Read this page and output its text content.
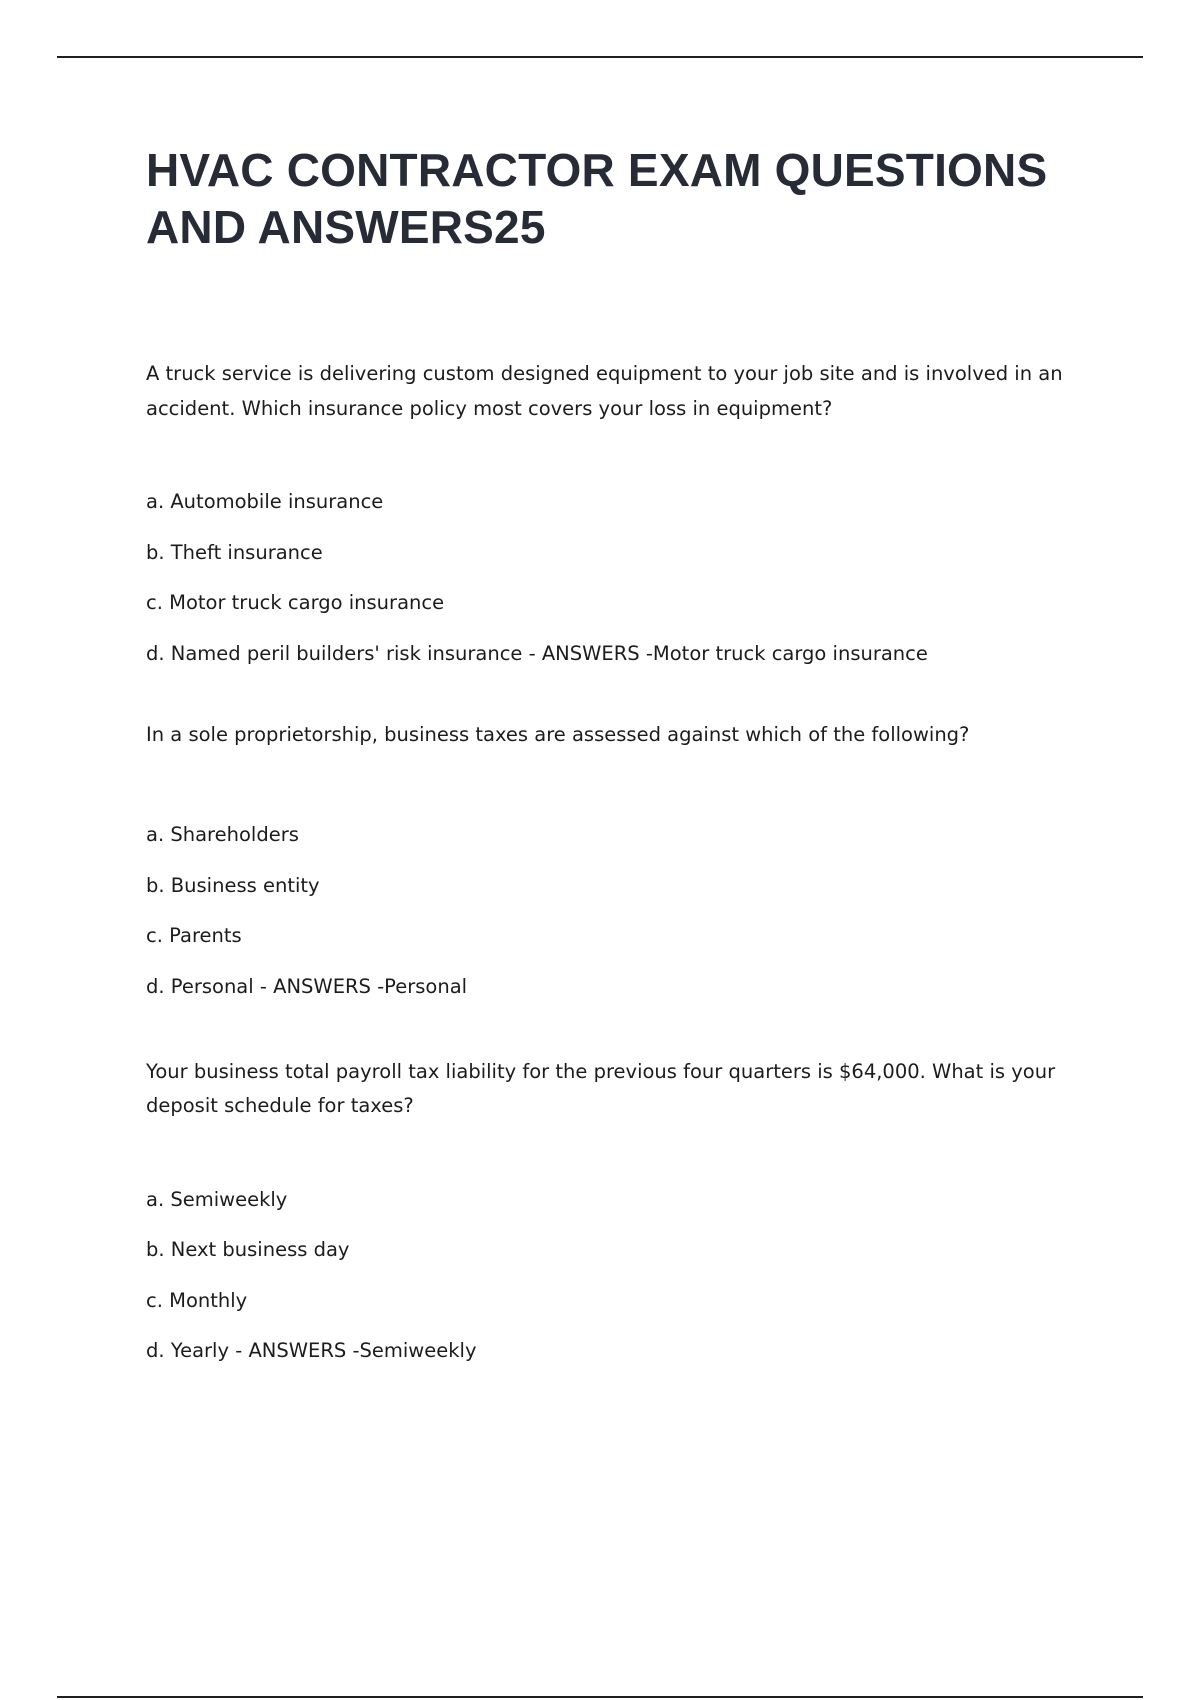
HVAC CONTRACTOR EXAM QUESTIONS AND ANSWERS25

A truck service is delivering custom designed equipment to your job site and is involved in an accident. Which insurance policy most covers your loss in equipment?

a. Automobile insurance
b. Theft insurance
c. Motor truck cargo insurance
d. Named peril builders' risk insurance - ANSWERS -Motor truck cargo insurance

In a sole proprietorship, business taxes are assessed against which of the following?

a. Shareholders
b. Business entity
c. Parents
d. Personal - ANSWERS -Personal

Your business total payroll tax liability for the previous four quarters is $64,000. What is your deposit schedule for taxes?

a. Semiweekly
b. Next business day
c. Monthly
d. Yearly - ANSWERS -Semiweekly
